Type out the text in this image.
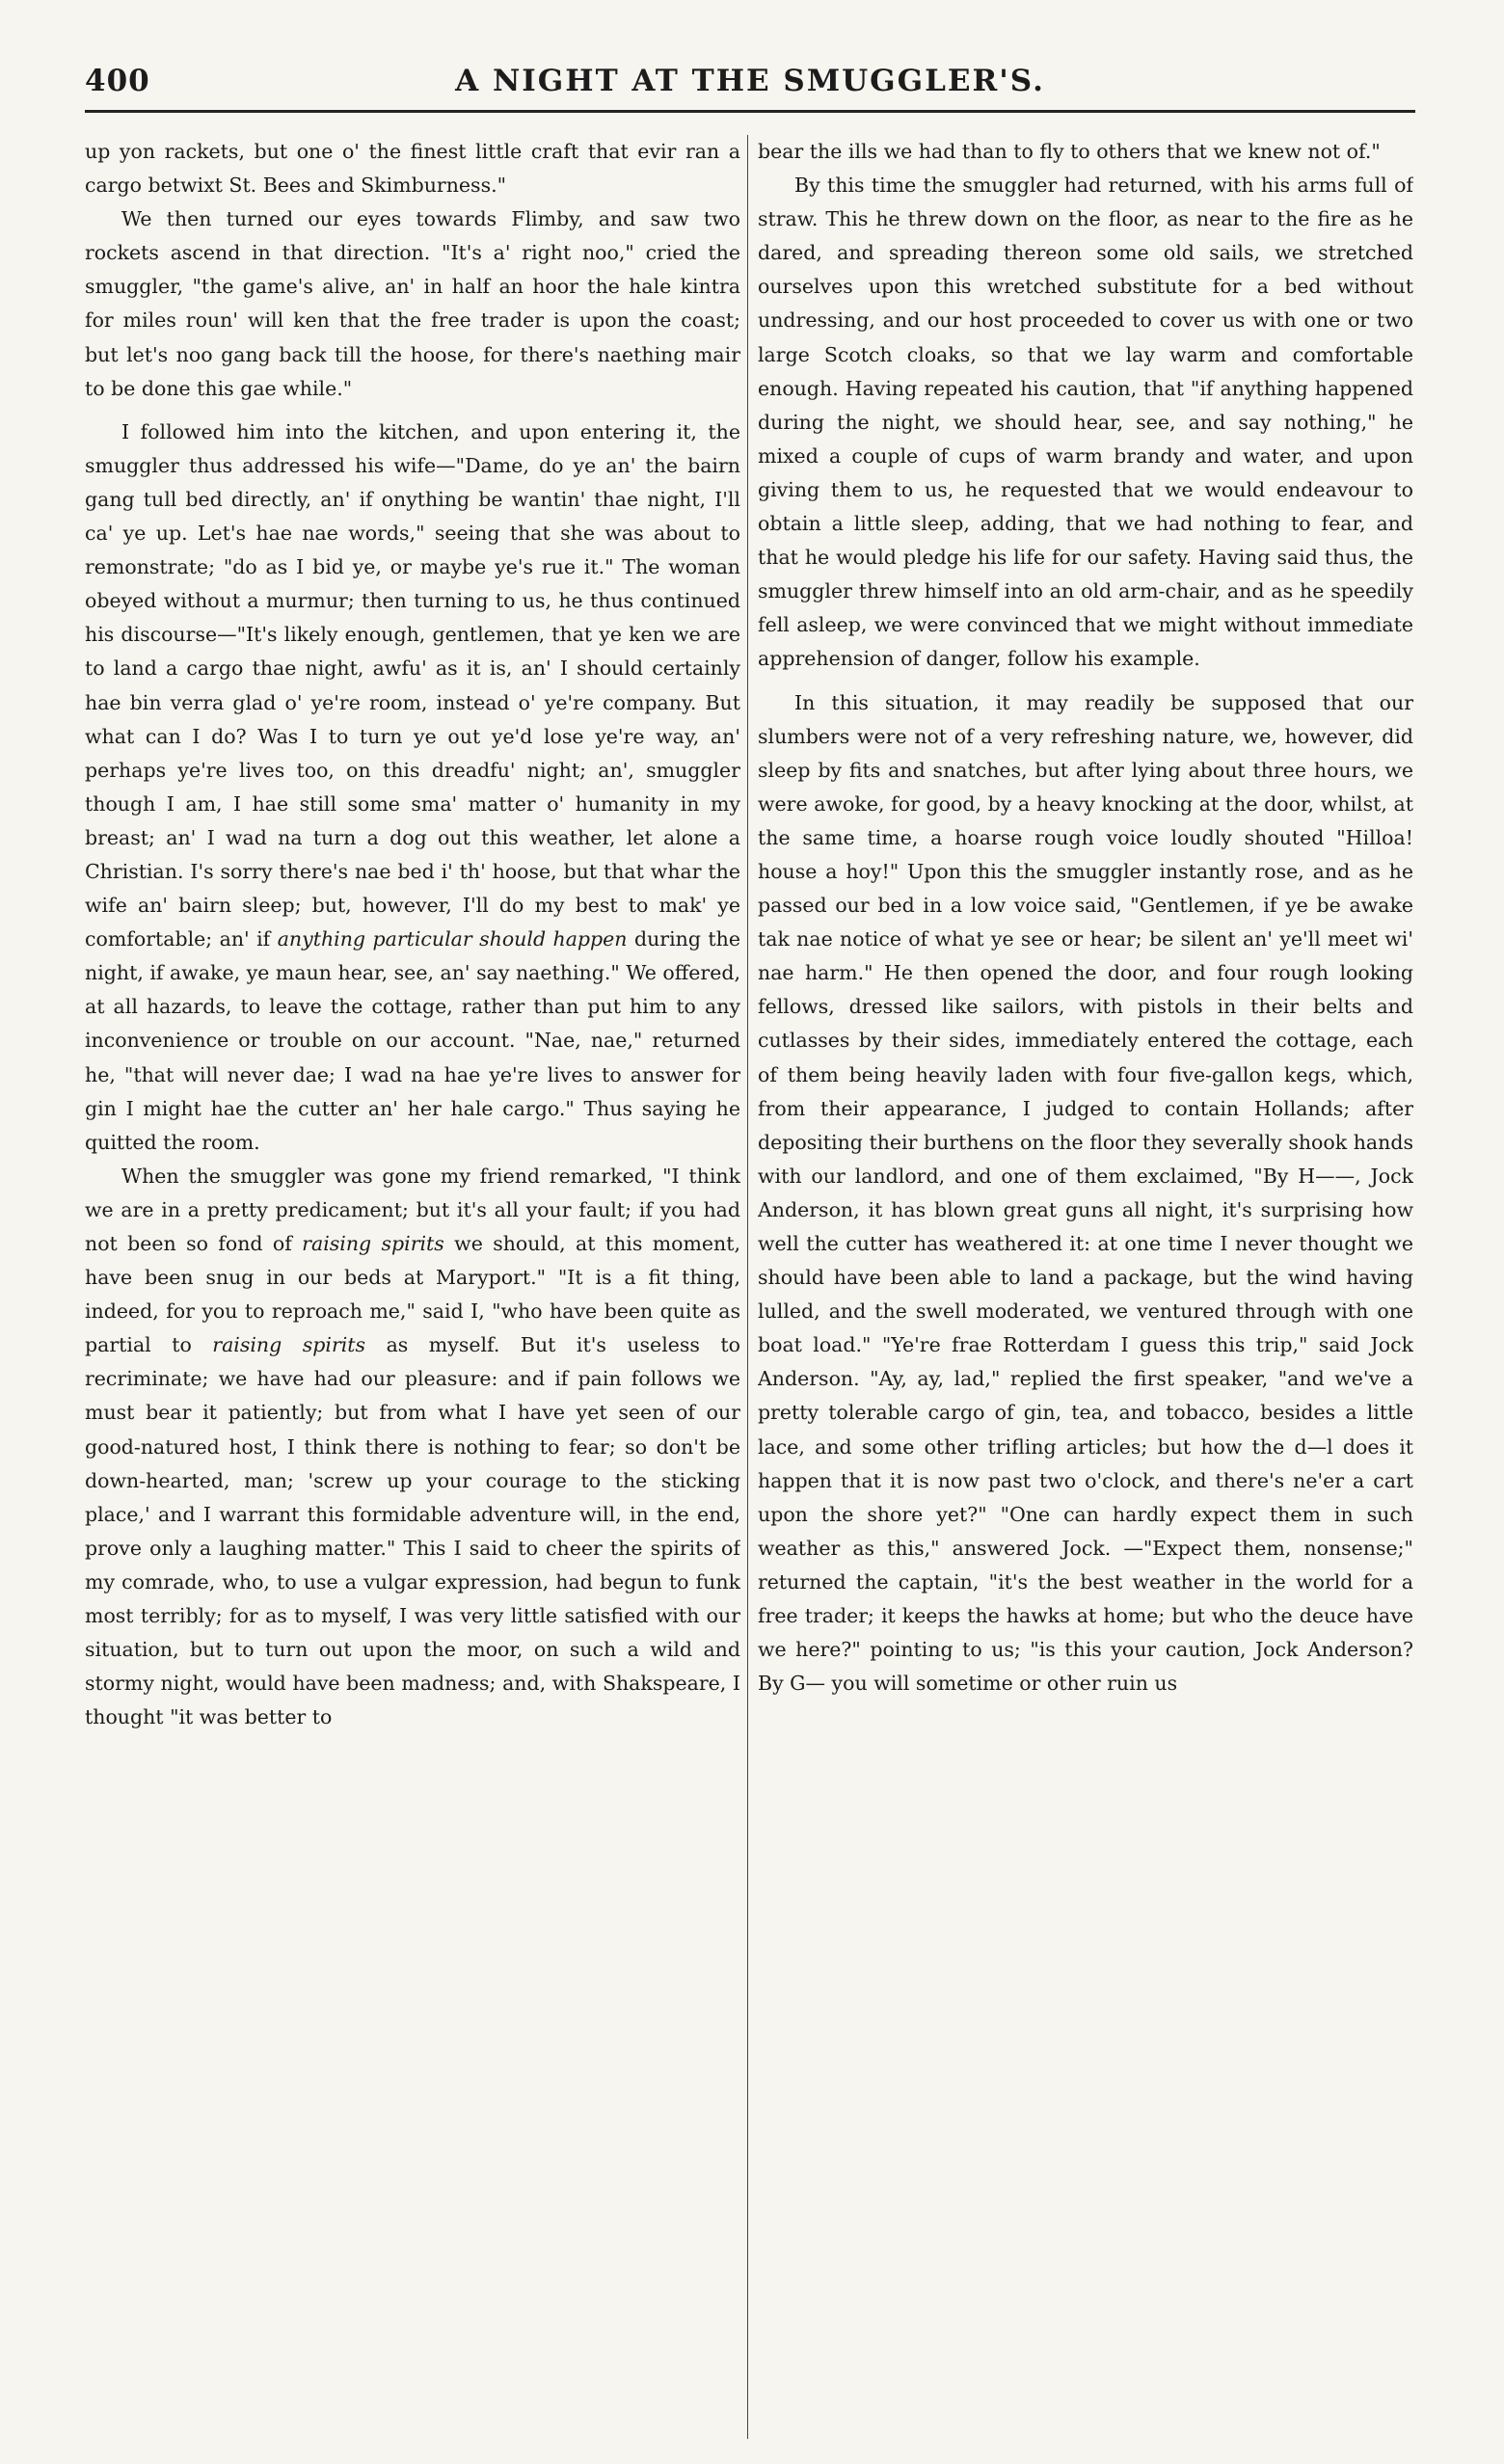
400	A NIGHT AT THE SMUGGLER'S.

up yon rackets, but one o' the finest little craft that evir ran a cargo betwixt St. Bees and Skimburness."

We then turned our eyes towards Flimby, and saw two rockets ascend in that direction. "It's a' right noo," cried the smuggler, "the game's alive, an' in half an hoor the hale kintra for miles roun' will ken that the free trader is upon the coast; but let's noo gang back till the hoose, for there's naething mair to be done this gae while."

I followed him into the kitchen, and upon entering it, the smuggler thus addressed his wife—"Dame, do ye an' the bairn gang tull bed directly, an' if onything be wantin' thae night, I'll ca' ye up. Let's hae nae words," seeing that she was about to remonstrate; "do as I bid ye, or maybe ye's rue it." The woman obeyed without a murmur; then turning to us, he thus continued his discourse—"It's likely enough, gentlemen, that ye ken we are to land a cargo thae night, awfu' as it is, an' I should certainly hae bin verra glad o' ye're room, instead o' ye're company. But what can I do? Was I to turn ye out ye'd lose ye're way, an' perhaps ye're lives too, on this dreadfu' night; an', smuggler though I am, I hae still some sma' matter o' humanity in my breast; an' I wad na turn a dog out this weather, let alone a Christian. I's sorry there's nae bed i' th' hoose, but that whar the wife an' bairn sleep; but, however, I'll do my best to mak' ye comfortable; an' if anything particular should happen during the night, if awake, ye maun hear, see, an' say naething." We offered, at all hazards, to leave the cottage, rather than put him to any inconvenience or trouble on our account. "Nae, nae," returned he, "that will never dae; I wad na hae ye're lives to answer for gin I might hae the cutter an' her hale cargo." Thus saying he quitted the room.

When the smuggler was gone my friend remarked, "I think we are in a pretty predicament; but it's all your fault; if you had not been so fond of raising spirits we should, at this moment, have been snug in our beds at Maryport." "It is a fit thing, indeed, for you to reproach me," said I, "who have been quite as partial to raising spirits as myself. But it's useless to recriminate; we have had our pleasure: and if pain follows we must bear it patiently; but from what I have yet seen of our good-natured host, I think there is nothing to fear; so don't be down-hearted, man; 'screw up your courage to the sticking place,' and I warrant this formidable adventure will, in the end, prove only a laughing matter." This I said to cheer the spirits of my comrade, who, to use a vulgar expression, had begun to funk most terribly; for as to myself, I was very little satisfied with our situation, but to turn out upon the moor, on such a wild and stormy night, would have been madness; and, with Shakspeare, I thought "it was better to

bear the ills we had than to fly to others that we knew not of."

By this time the smuggler had returned, with his arms full of straw. This he threw down on the floor, as near to the fire as he dared, and spreading thereon some old sails, we stretched ourselves upon this wretched substitute for a bed without undressing, and our host proceeded to cover us with one or two large Scotch cloaks, so that we lay warm and comfortable enough. Having repeated his caution, that "if anything happened during the night, we should hear, see, and say nothing," he mixed a couple of cups of warm brandy and water, and upon giving them to us, he requested that we would endeavour to obtain a little sleep, adding, that we had nothing to fear, and that he would pledge his life for our safety. Having said thus, the smuggler threw himself into an old arm-chair, and as he speedily fell asleep, we were convinced that we might without immediate apprehension of danger, follow his example.

In this situation, it may readily be supposed that our slumbers were not of a very refreshing nature, we, however, did sleep by fits and snatches, but after lying about three hours, we were awoke, for good, by a heavy knocking at the door, whilst, at the same time, a hoarse rough voice loudly shouted "Hilloa! house a hoy!" Upon this the smuggler instantly rose, and as he passed our bed in a low voice said, "Gentlemen, if ye be awake tak nae notice of what ye see or hear; be silent an' ye'll meet wi' nae harm." He then opened the door, and four rough looking fellows, dressed like sailors, with pistols in their belts and cutlasses by their sides, immediately entered the cottage, each of them being heavily laden with four five-gallon kegs, which, from their appearance, I judged to contain Hollands; after depositing their burthens on the floor they severally shook hands with our landlord, and one of them exclaimed, "By H——, Jock Anderson, it has blown great guns all night, it's surprising how well the cutter has weathered it: at one time I never thought we should have been able to land a package, but the wind having lulled, and the swell moderated, we ventured through with one boat load." "Ye're frae Rotterdam I guess this trip," said Jock Anderson. "Ay, ay, lad," replied the first speaker, "and we've a pretty tolerable cargo of gin, tea, and tobacco, besides a little lace, and some other trifling articles; but how the d—l does it happen that it is now past two o'clock, and there's ne'er a cart upon the shore yet?" "One can hardly expect them in such weather as this," answered Jock. —"Expect them, nonsense;" returned the captain, "it's the best weather in the world for a free trader; it keeps the hawks at home; but who the deuce have we here?" pointing to us; "is this your caution, Jock Anderson? By G— you will sometime or other ruin us
